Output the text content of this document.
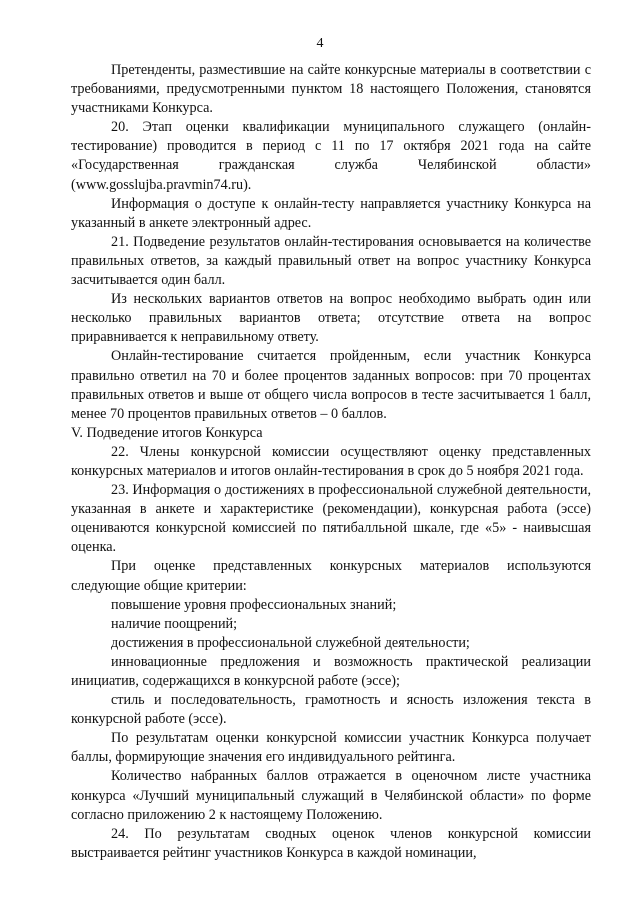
4

Претенденты, разместившие на сайте конкурсные материалы в соответствии с требованиями, предусмотренными пунктом 18 настоящего Положения, становятся участниками Конкурса.

20. Этап оценки квалификации муниципального служащего (онлайн-тестирование) проводится в период с 11 по 17 октября 2021 года на сайте «Государственная гражданская служба Челябинской области» (www.gosslujba.pravmin74.ru).

Информация о доступе к онлайн-тесту направляется участнику Конкурса на указанный в анкете электронный адрес.

21. Подведение результатов онлайн-тестирования основывается на количестве правильных ответов, за каждый правильный ответ на вопрос участнику Конкурса засчитывается один балл.

Из нескольких вариантов ответов на вопрос необходимо выбрать один или несколько правильных вариантов ответа; отсутствие ответа на вопрос приравнивается к неправильному ответу.

Онлайн-тестирование считается пройденным, если участник Конкурса правильно ответил на 70 и более процентов заданных вопросов: при 70 процентах правильных ответов и выше от общего числа вопросов в тесте засчитывается 1 балл, менее 70 процентов правильных ответов – 0 баллов.

V. Подведение итогов Конкурса

22. Члены конкурсной комиссии осуществляют оценку представленных конкурсных материалов и итогов онлайн-тестирования в срок до 5 ноября 2021 года.

23. Информация о достижениях в профессиональной служебной деятельности, указанная в анкете и характеристике (рекомендации), конкурсная работа (эссе) оцениваются конкурсной комиссией по пятибалльной шкале, где «5» - наивысшая оценка.

При оценке представленных конкурсных материалов используются следующие общие критерии:

повышение уровня профессиональных знаний;

наличие поощрений;

достижения в профессиональной служебной деятельности;

инновационные предложения и возможность практической реализации инициатив, содержащихся в конкурсной работе (эссе);

стиль и последовательность, грамотность и ясность изложения текста в конкурсной работе (эссе).

По результатам оценки конкурсной комиссии участник Конкурса получает баллы, формирующие значения его индивидуального рейтинга.

Количество набранных баллов отражается в оценочном листе участника конкурса «Лучший муниципальный служащий в Челябинской области» по форме согласно приложению 2 к настоящему Положению.

24. По результатам сводных оценок членов конкурсной комиссии выстраивается рейтинг участников Конкурса в каждой номинации,
